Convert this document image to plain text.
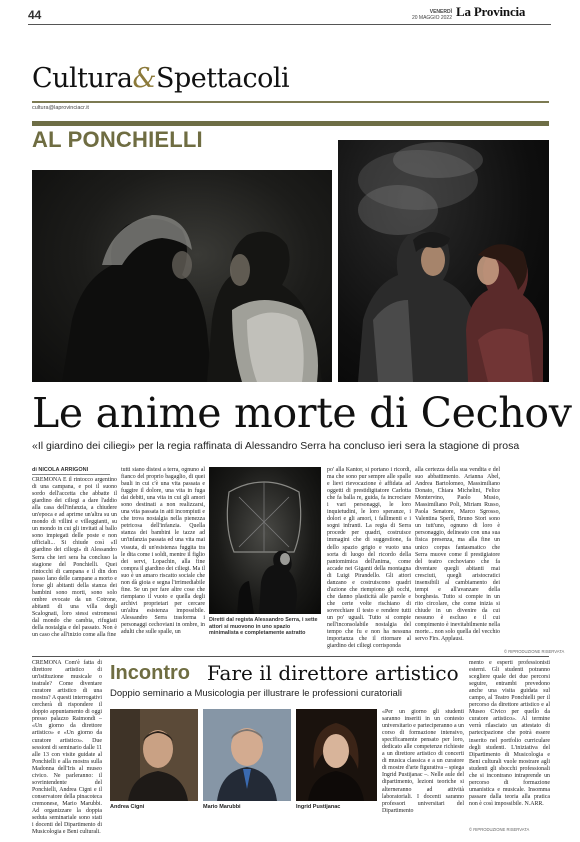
44	VENERDÌ
20 MAGGIO 2022 La Provincia
Cultura&Spettacoli
cultura@laprovinciacr.it
AL PONCHIELLI
Le anime morte di Cechov
«Il giardino dei ciliegi» per la regia raffinata di Alessandro Serra ha concluso ieri sera la stagione di prosa
di NICOLA ARRIGONI
CREMONA E il rintocco argentino di una campana, e poi il suono sordo dell'accetta che abbatte il giardino dei ciliegi a dare l'addio alla casa dell'infanzia, a chiudere un'epoca e ad aprirne un'altra su un mondo di villini e villeggianti, su un mondo in cui gli invitati al ballo sono impiegati delle poste e non ufficiali... Si chiude così «Il giardino dei ciliegi» di Alessandro Serra che ieri sera ha concluso la stagione del Ponchielli. Quei rintocchi di campana e il din don passo lano delle campane a morto e forse gli abitanti della stanza dei bambini sono morti, sono solo ombre evocate da un Cotrone, abitanti di una villa degli Scalognati, loro stessi estromessi dal mondo che cambia, rifugiati della nostalgia e del passato. Non è un caso che all'inizio come alla fine
tutti siano distesi a terra, ognuno al fianco del proprio bagaglio, di quei bauli in cui c'è una vita passata e fuggire il dolore, una vita in fuga dai debiti, una vita in cui gli amori sono destinati a non realizzarsi, una vita passata in atti incompiuti e che trova nostalgia nella pienezza petricosa dell'infanzia. Quella stanza dei bambini le tazze ad un'infanzia passata ed una vita mai vissuta, di un'esistenza fuggita tra le dita come i soldi, mentre il figlio dei servi, Lopachin, alla fine compra il giardino dei ciliegi. Ma il suo è un amaro riscatto sociale che non dà gioia e segna l'irrimediabile fine. Se un per fare altre cose che riempiano il vuoto e quella degli archivi proprietari per cercare un'altra esistenza impossibile. Alessandro Serra trasforma i personaggi cechoviani in ombre, in adulti che sulle spalle, un
Diretti dal regista Alessandro Serra, i sette attori si muovono in uno spazio minimalista e completamente astratto
po' alla Kantor, si portano i ricordi, ma che sono pur sempre alle spalle e lievi rievocazione è affidata ad oggetti di prestidigitatore Carlotta che fa balla re, guida, fa incrociare i vari personaggi, le loro inquietudini, le loro speranze, i dolori e gli amori, i fallimenti e i sogni infranti. La regia di Serra procede per quadri, costruisce immagini che di suggestione, fa dello spazio grigio e vuoto una sorta di luogo del ricordo della pantomimica dell'anima, come accade nei Giganti della montagna di Luigi Pirandello. Gli attori danzano e costruiscono quadri d'azione che riempiono gli occhi, che danno plasticità alle parole e che certe volte rischiano di sovrechiare il testo e rendere tutti un po' uguali. Tutto si compie nell'inconsolabile nostalgia del tempo che fu e non ha nessuna importanza che il ritornare al giardino dei ciliegi corrisponda
alla certezza della sua vendita e del suo abbattimento. Arianna Abel, Andrea Bartolomeo, Massimiliano Donato, Chiara Michelini, Felice Montervino, Paolo Musio, Massimiliano Poli, Miriam Russo, Paola Senatore, Marco Sgrosso, Valentina Sperlì, Bruno Stori sono un tutt'uno, ognuno di loro è personaggio, delineato con una sua fisica presenza, ma alla fine un unico corpus fantasmatico che Serra muove come il prestigiatore del teatro cechoviano che fa diventare quegli abitanti mai cresciuti, quegli aristocratici insensibili al cambiamento dei tempi e all'avanzare della borghesia. Tutto si compie in un rito circolare, che come inizia si chiude in un divenire da cui nessuno è escluso e il cui compimento è inevitabilmente nella morte... non solo quella del vecchio servo Firs. Applausi.
© RIPRODUZIONE RISERVATA
CREMONA Com'è fatta di direttore artistico di un'istituzione musicale o teatrale? Come diventare curatore artistico di una mostra? A questi interrogativi cercherà di rispondere il doppio appuntamento di oggi presso palazzo Raimondi – «Un giorno da direttore artistico» e «Un giorno da curatore artistico». Due sessioni di seminario dalle 11 alle 13 con visite guidate al Ponchielli e alla mostra sulla Madonna dell'Iris al museo civico. Ne parleranno: il sovrintendente del Ponchielli, Andrea Cigni e il conservatore della pinacoteca cremonese, Mario Marubbi. Ad organizzare la doppia seduta seminariale sono stati i docenti del Dipartimento di Musicologia e Beni culturali.
Incontro Fare il direttore artistico
Doppio seminario a Musicologia per illustrare le professioni curatoriali
Andrea Cigni	Mario Marubbi	Ingrid Pustijanac
«Per un giorno gli studenti saranno inseriti in un contesto universitario e parteciperanno a un corso di formazione intensivo, specificamente pensato per loro, dedicato alle competenze richieste a un direttore artistico di concerti di musica classica e a un curatore di mostre d'arte figurativa – spiega Ingrid Pustijanac –. Nelle aule del dipartimento, lezioni teoriche si alterneranno ad attività laboratoriali. I docenti saranno professori universitari del Dipartimento
mento e esperti professionisti esterni. Gli studenti potranno scegliere quale dei due percorsi seguire, entrambi prevedono anche una visita guidata sul campo, al Teatro Ponchielli per il percorso da direttore artistico e al Museo Civico per quello da curatore artistico». Al termine verrà rilasciato un attestato di partecipazione che potrà essere inserito nel portfolio curriculare degli studenti. L'iniziativa del Dipartimento di Musicologia e Beni culturali vuole mostrare agli studenti gli sbocchi professionali che si incontrano intraprende un percorso di formazione umanistica e musicale. Insomma passare dalla teoria alla pratica non è così impossibile. N.ARR.
© RIPRODUZIONE RISERVATA
